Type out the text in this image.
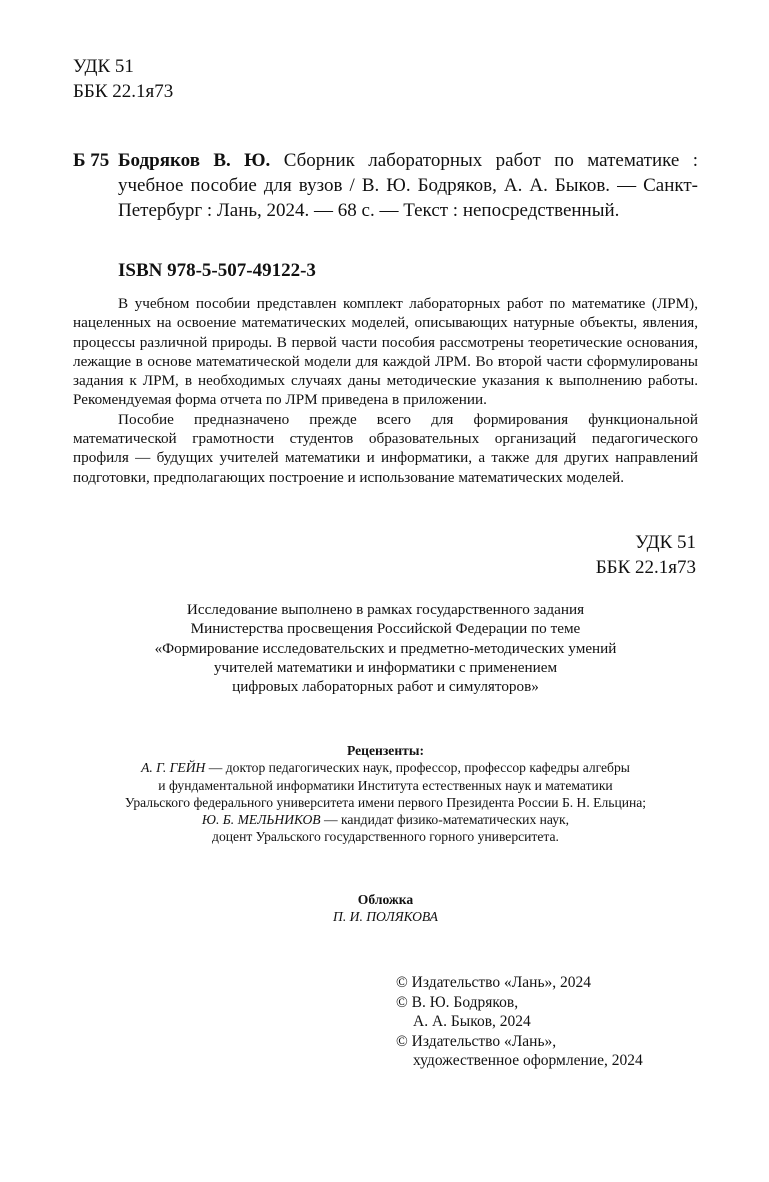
УДК 51
ББК 22.1я73
Б 75 Бодряков В. Ю. Сборник лабораторных работ по математике : учебное пособие для вузов / В. Ю. Бодряков, А. А. Быков. — Санкт-Петербург : Лань, 2024. — 68 с. — Текст : непосредственный.
ISBN 978-5-507-49122-3

В учебном пособии представлен комплект лабораторных работ по математике (ЛРМ), нацеленных на освоение математических моделей, описывающих натурные объекты, явления, процессы различной природы. В первой части пособия рассмотрены теоретические основания, лежащие в основе математической модели для каждой ЛРМ. Во второй части сформулированы задания к ЛРМ, в необходимых случаях даны методические указания к выполнению работы. Рекомендуемая форма отчета по ЛРМ приведена в приложении.

Пособие предназначено прежде всего для формирования функциональной математической грамотности студентов образовательных организаций педагогического профиля — будущих учителей математики и информатики, а также для других направлений подготовки, предполагающих построение и использование математических моделей.

УДК 51
ББК 22.1я73
Исследование выполнено в рамках государственного задания
Министерства просвещения Российской Федерации по теме
«Формирование исследовательских и предметно-методических умений
учителей математики и информатики с применением
цифровых лабораторных работ и симуляторов»
Рецензенты:
А. Г. ГЕЙН — доктор педагогических наук, профессор, профессор кафедры алгебры
и фундаментальной информатики Института естественных наук и математики
Уральского федерального университета имени первого Президента России Б. Н. Ельцина;
Ю. Б. МЕЛЬНИКОВ — кандидат физико-математических наук,
доцент Уральского государственного горного университета.
Обложка
П. И. ПОЛЯКОВА
© Издательство «Лань», 2024
© В. Ю. Бодряков,
А. А. Быков, 2024
© Издательство «Лань»,
художественное оформление, 2024
